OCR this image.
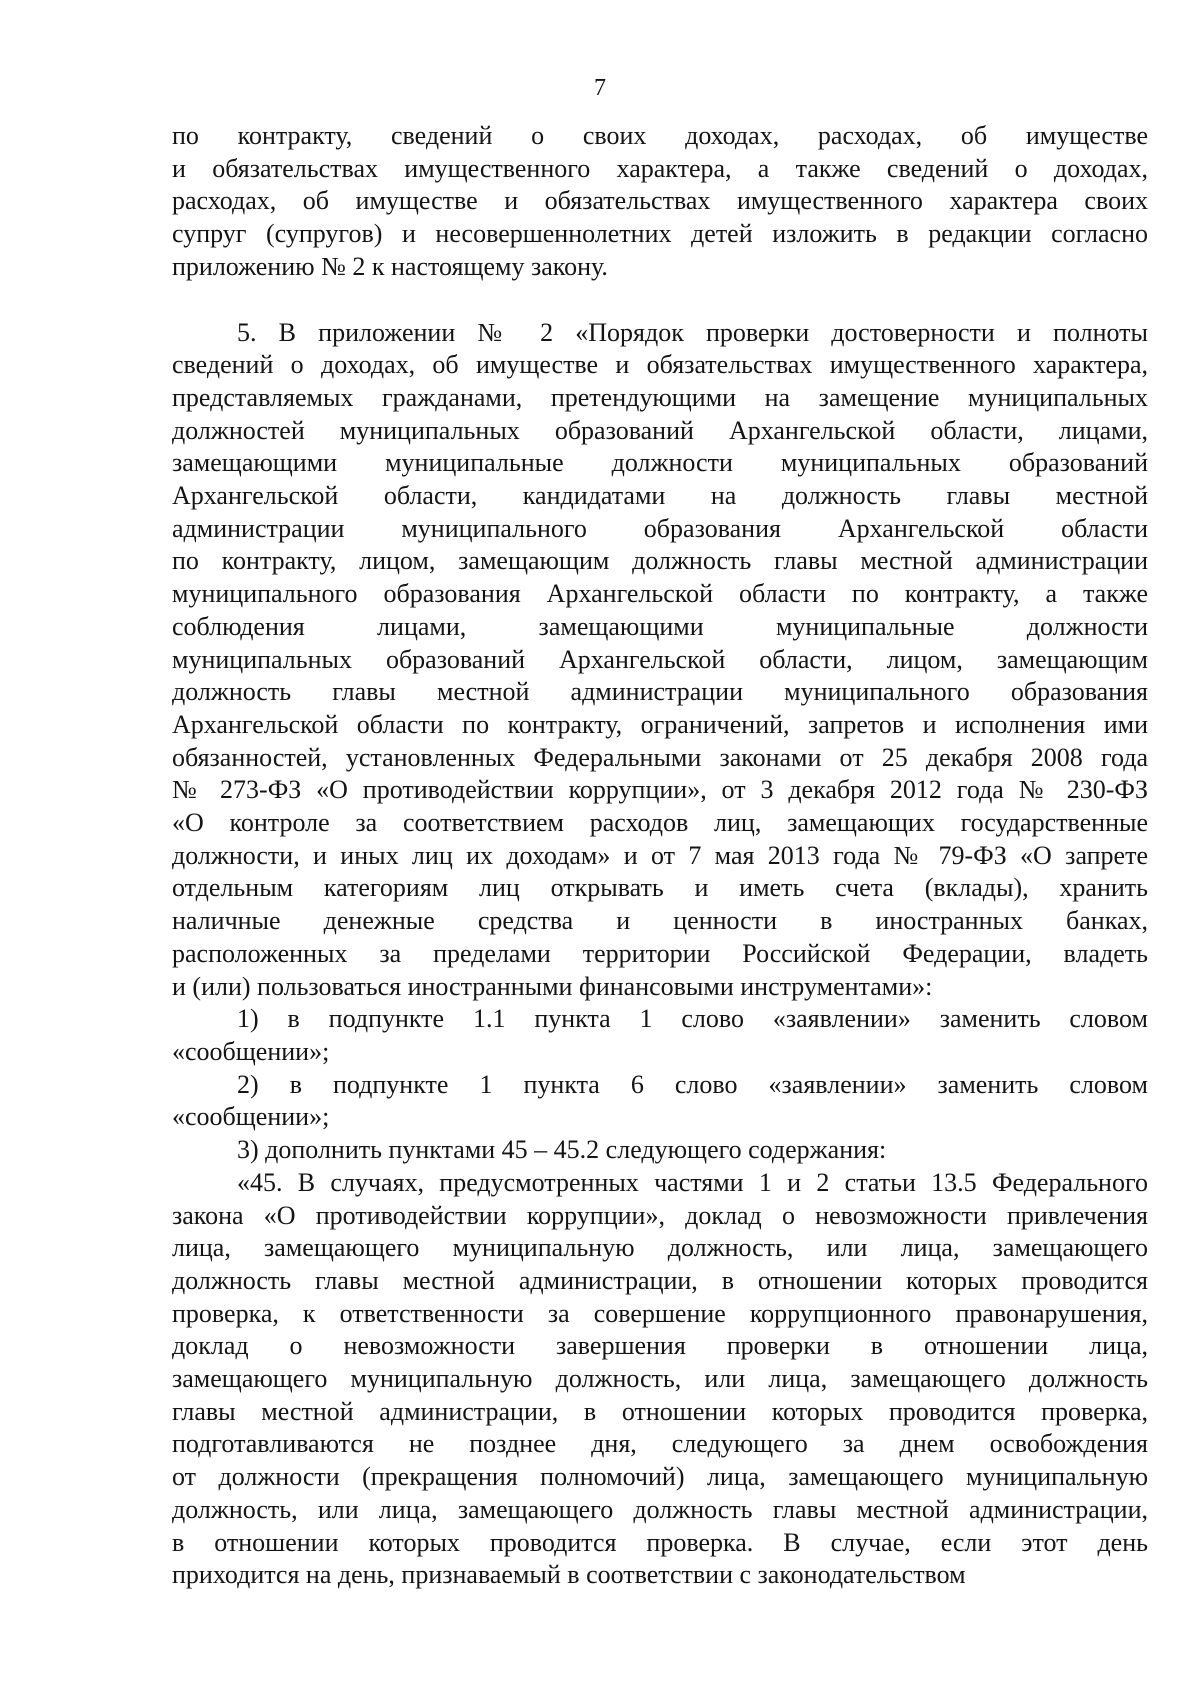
7
по контракту, сведений о своих доходах, расходах, об имуществе
и обязательствах имущественного характера, а также сведений о доходах,
расходах, об имуществе и обязательствах имущественного характера своих
супруг (супругов) и несовершеннолетних детей изложить в редакции согласно
приложению № 2 к настоящему закону.
5. В приложении № 2 «Порядок проверки достоверности и полноты
сведений о доходах, об имуществе и обязательствах имущественного характера,
представляемых гражданами, претендующими на замещение муниципальных
должностей муниципальных образований Архангельской области, лицами,
замещающими муниципальные должности муниципальных образований
Архангельской области, кандидатами на должность главы местной
администрации муниципального образования Архангельской области
по контракту, лицом, замещающим должность главы местной администрации
муниципального образования Архангельской области по контракту, а также
соблюдения лицами, замещающими муниципальные должности
муниципальных образований Архангельской области, лицом, замещающим
должность главы местной администрации муниципального образования
Архангельской области по контракту, ограничений, запретов и исполнения ими
обязанностей, установленных Федеральными законами от 25 декабря 2008 года
№ 273-ФЗ «О противодействии коррупции», от 3 декабря 2012 года № 230-ФЗ
«О контроле за соответствием расходов лиц, замещающих государственные
должности, и иных лиц их доходам» и от 7 мая 2013 года № 79-ФЗ «О запрете
отдельным категориям лиц открывать и иметь счета (вклады), хранить
наличные денежные средства и ценности в иностранных банках,
расположенных за пределами территории Российской Федерации, владеть
и (или) пользоваться иностранными финансовыми инструментами»:
1) в подпункте 1.1 пункта 1 слово «заявлении» заменить словом
«сообщении»;
2) в подпункте 1 пункта 6 слово «заявлении» заменить словом
«сообщении»;
3) дополнить пунктами 45 – 45.2 следующего содержания:
«45. В случаях, предусмотренных частями 1 и 2 статьи 13.5 Федерального
закона «О противодействии коррупции», доклад о невозможности привлечения
лица, замещающего муниципальную должность, или лица, замещающего
должность главы местной администрации, в отношении которых проводится
проверка, к ответственности за совершение коррупционного правонарушения,
доклад о невозможности завершения проверки в отношении лица,
замещающего муниципальную должность, или лица, замещающего должность
главы местной администрации, в отношении которых проводится проверка,
подготавливаются не позднее дня, следующего за днем освобождения
от должности (прекращения полномочий) лица, замещающего муниципальную
должность, или лица, замещающего должность главы местной администрации,
в отношении которых проводится проверка. В случае, если этот день
приходится на день, признаваемый в соответствии с законодательством
